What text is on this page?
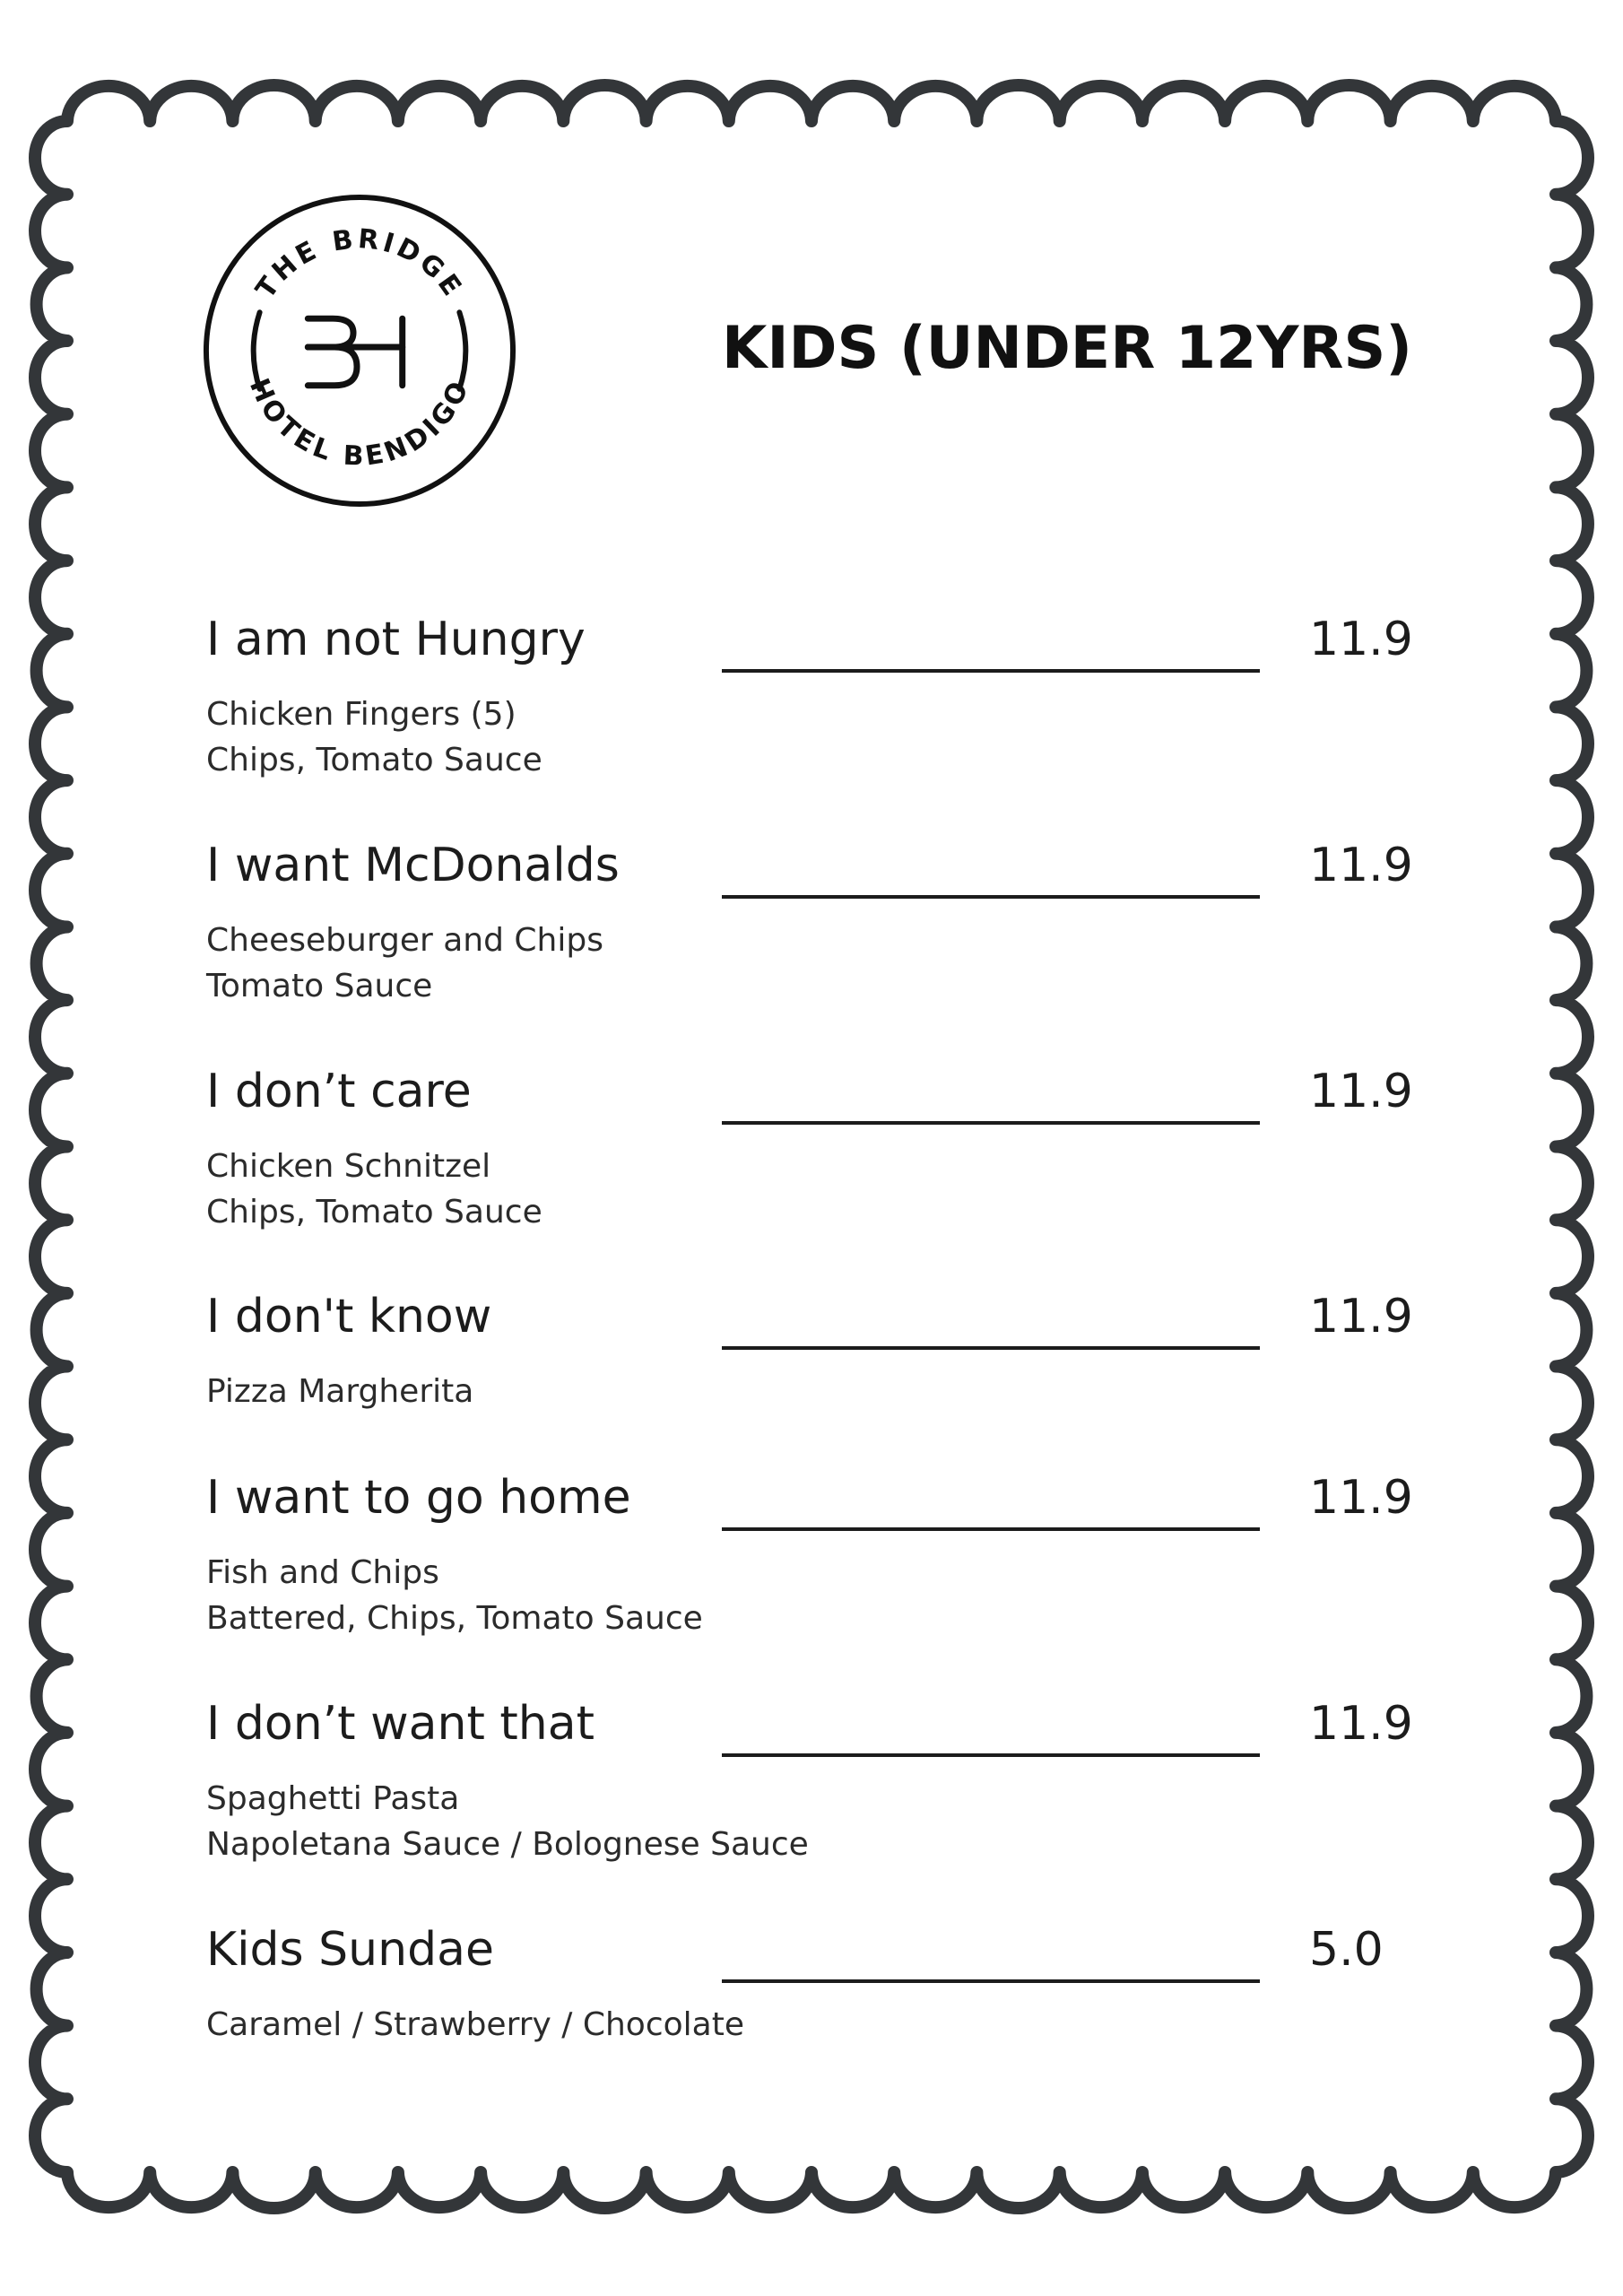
THE BRIDGE
HOTEL BENDIGO
KIDS (UNDER 12YRS)
I am not Hungry	11.9
Chicken Fingers (5)
Chips, Tomato Sauce
I want McDonalds	11.9
Cheeseburger and Chips
Tomato Sauce
I don’t care	11.9
Chicken Schnitzel
Chips, Tomato Sauce
I don't know	11.9
Pizza Margherita
I want to go home	11.9
Fish and Chips
Battered, Chips, Tomato Sauce
I don’t want that	11.9
Spaghetti Pasta
Napoletana Sauce / Bolognese Sauce
Kids Sundae	5.0
Caramel / Strawberry / Chocolate
